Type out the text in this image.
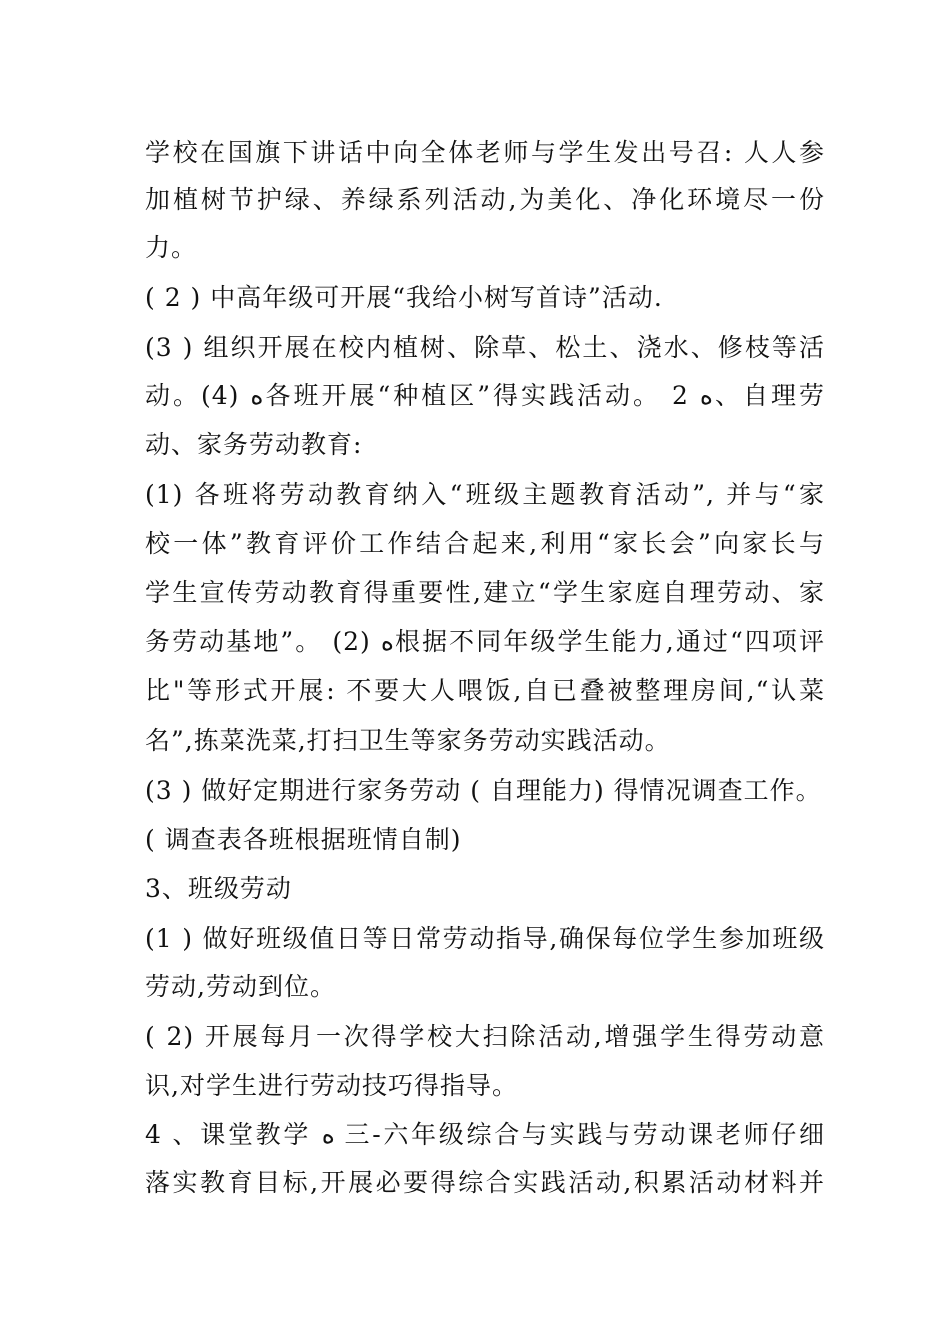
学校在国旗下讲话中向全体老师与学生发出号召: 人人参
加植树节护绿、养绿系列活动,为美化、净化环境尽一份
力。
( 2 ) 中高年级可开展“我给小树写首诗”活动.
(3 ) 组织开展在校内植树、除草、松土、浇水、修枝等活
动。(4) ﻩ各班开展“种植区”得实践活动。 2 ﻩ、自理劳
动、家务劳动教育:
(1) 各班将劳动教育纳入“班级主题教育活动”, 并与“家
校一体”教育评价工作结合起来,利用“家长会”向家长与
学生宣传劳动教育得重要性,建立“学生家庭自理劳动、家
务劳动基地”。 (2) ﻩ根据不同年级学生能力,通过“四项评
比"等形式开展: 不要大人喂饭,自已叠被整理房间,“认菜
名”,拣菜洗菜,打扫卫生等家务劳动实践活动。
(3 ) 做好定期进行家务劳动 ( 自理能力) 得情况调查工作。
( 调查表各班根据班情自制)
3、班级劳动
(1 ) 做好班级值日等日常劳动指导,确保每位学生参加班级
劳动,劳动到位。
( 2) 开展每月一次得学校大扫除活动,增强学生得劳动意
识,对学生进行劳动技巧得指导。
4 、课堂教学 ﻩ 三-六年级综合与实践与劳动课老师仔细
落实教育目标,开展必要得综合实践活动,积累活动材料并
